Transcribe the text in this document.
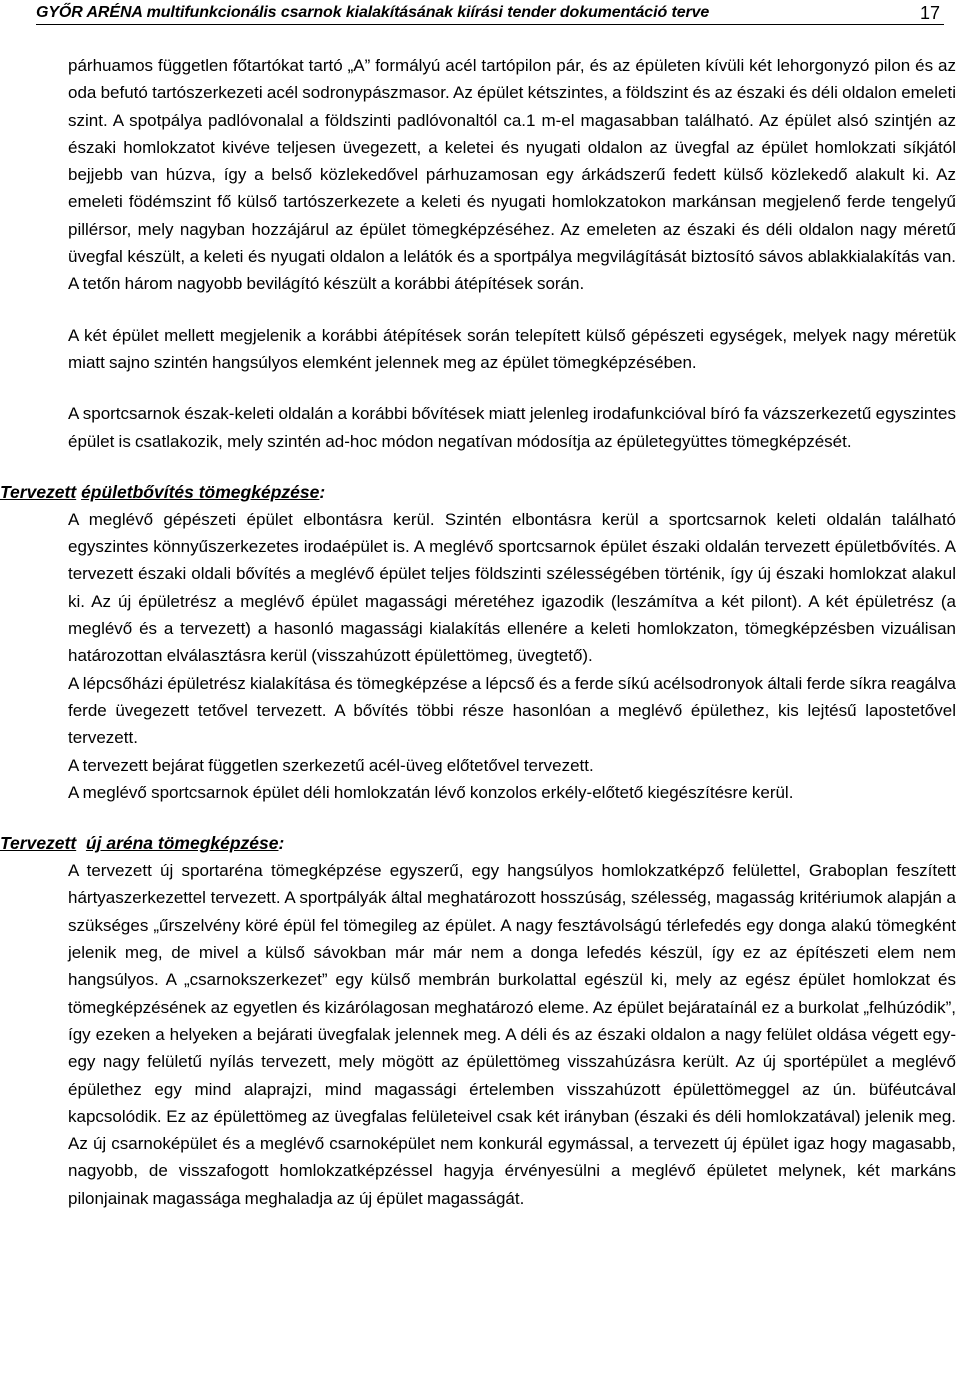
GYŐR ARÉNA multifunkcionális csarnok kialakításának kiírási tender dokumentáció terve	17

párhuamos független főtartókat tartó „A” formályú acél tartópilon pár, és az épületen kívüli két lehorgonyzó pilon és az oda befutó tartószerkezeti acél sodronypászmasor. Az épület kétszintes, a földszint és az északi és déli oldalon emeleti szint. A spotpálya padlóvonalal a földszinti padlóvonaltól ca.1 m-el magasabban található. Az épület alsó szintjén az északi homlokzatot kivéve teljesen üvegezett, a keletei és nyugati oldalon az üvegfal az épület homlokzati síkjától bejjebb van húzva, így a belső közlekedővel párhuzamosan egy árkádszerű fedett külső közlekedő alakult ki. Az emeleti födémszint fő külső tartószerkezete a keleti és nyugati homlokzatokon markánsan megjelenő ferde tengelyű pillérsor, mely nagyban hozzájárul az épület tömegképzéséhez. Az emeleten az északi és déli oldalon nagy méretű üvegfal készült, a keleti és nyugati oldalon a lelátók és a sportpálya megvilágítását biztosító sávos ablakkialakítás van. A tetőn három nagyobb bevilágító készült a korábbi átépítések során.

A két épület mellett megjelenik a korábbi átépítések során telepített külső gépészeti egységek, melyek nagy méretük miatt sajno szintén hangsúlyos elemként jelennek meg az épület tömegképzésében.

A sportcsarnok észak-keleti oldalán a korábbi bővítések miatt jelenleg irodafunkcióval bíró fa vázszerkezetű egyszintes épület is csatlakozik, mely szintén ad-hoc módon negatívan módosítja az épületegyüttes tömegképzését.

Tervezett épületbővítés tömegképzése:

A meglévő gépészeti épület elbontásra kerül. Szintén elbontásra kerül a sportcsarnok keleti oldalán található egyszintes könnyűszerkezetes irodaépület is. A meglévő sportcsarnok épület északi oldalán tervezett épületbővítés. A tervezett északi oldali bővítés a meglévő épület teljes földszinti szélességében történik, így új északi homlokzat alakul ki. Az új épületrész a meglévő épület magassági méretéhez igazodik (leszámítva a két pilont). A két épületrész (a meglévő és a tervezett) a hasonló magassági kialakítás ellenére a keleti homlokzaton, tömegképzésben vizuálisan határozottan elválasztásra kerül (visszahúzott épülettömeg, üvegtető).

A lépcsőházi épületrész kialakítása és tömegképzése a lépcső és a ferde síkú acélsodronyok általi ferde síkra reagálva ferde üvegezett tetővel tervezett. A bővítés többi része hasonlóan a meglévő épülethez, kis lejtésű lapostetővel tervezett.

A tervezett bejárat független szerkezetű acél-üveg előtetővel tervezett.

A meglévő sportcsarnok épület déli homlokzatán lévő konzolos erkély-előtető kiegészítésre kerül.

Tervezett új aréna tömegképzése:

A tervezett új sportaréna tömegképzése egyszerű, egy hangsúlyos homlokzatképző felülettel, Graboplan feszített hártyaszerkezettel tervezett. A sportpályák által meghatározott hosszúság, szélesség, magasság kritériumok alapján a szükséges „űrszelvény köré épül fel tömegileg az épület. A nagy fesztávolságú térlefedés egy donga alakú tömegként jelenik meg, de mivel a külső sávokban már már nem a donga lefedés készül, így ez az építészeti elem nem hangsúlyos. A „csarnokszerkezet” egy külső membrán burkolattal egészül ki, mely az egész épület homlokzat és tömegképzésének az egyetlen és kizárólagosan meghatározó eleme. Az épület bejárataínál ez a burkolat „felhúzódik”, így ezeken a helyeken a bejárati üvegfalak jelennek meg. A déli és az északi oldalon a nagy felület oldása végett egy-egy nagy felületű nyílás tervezett, mely mögött az épülettömeg visszahúzásra került. Az új sportépület a meglévő épülethez egy mind alaprajzi, mind magassági értelemben visszahúzott épülettömeggel az ún. büféutcával kapcsolódik. Ez az épülettömeg az üvegfalas felületeivel csak két irányban (északi és déli homlokzatával) jelenik meg. Az új csarnoképület és a meglévő csarnoképület nem konkurál egymással, a tervezett új épület igaz hogy magasabb, nagyobb, de visszafogott homlokzatképzéssel hagyja érvényesülni a meglévő épületet melynek, két markáns pilonjainak magassága meghaladja az új épület magasságát.
